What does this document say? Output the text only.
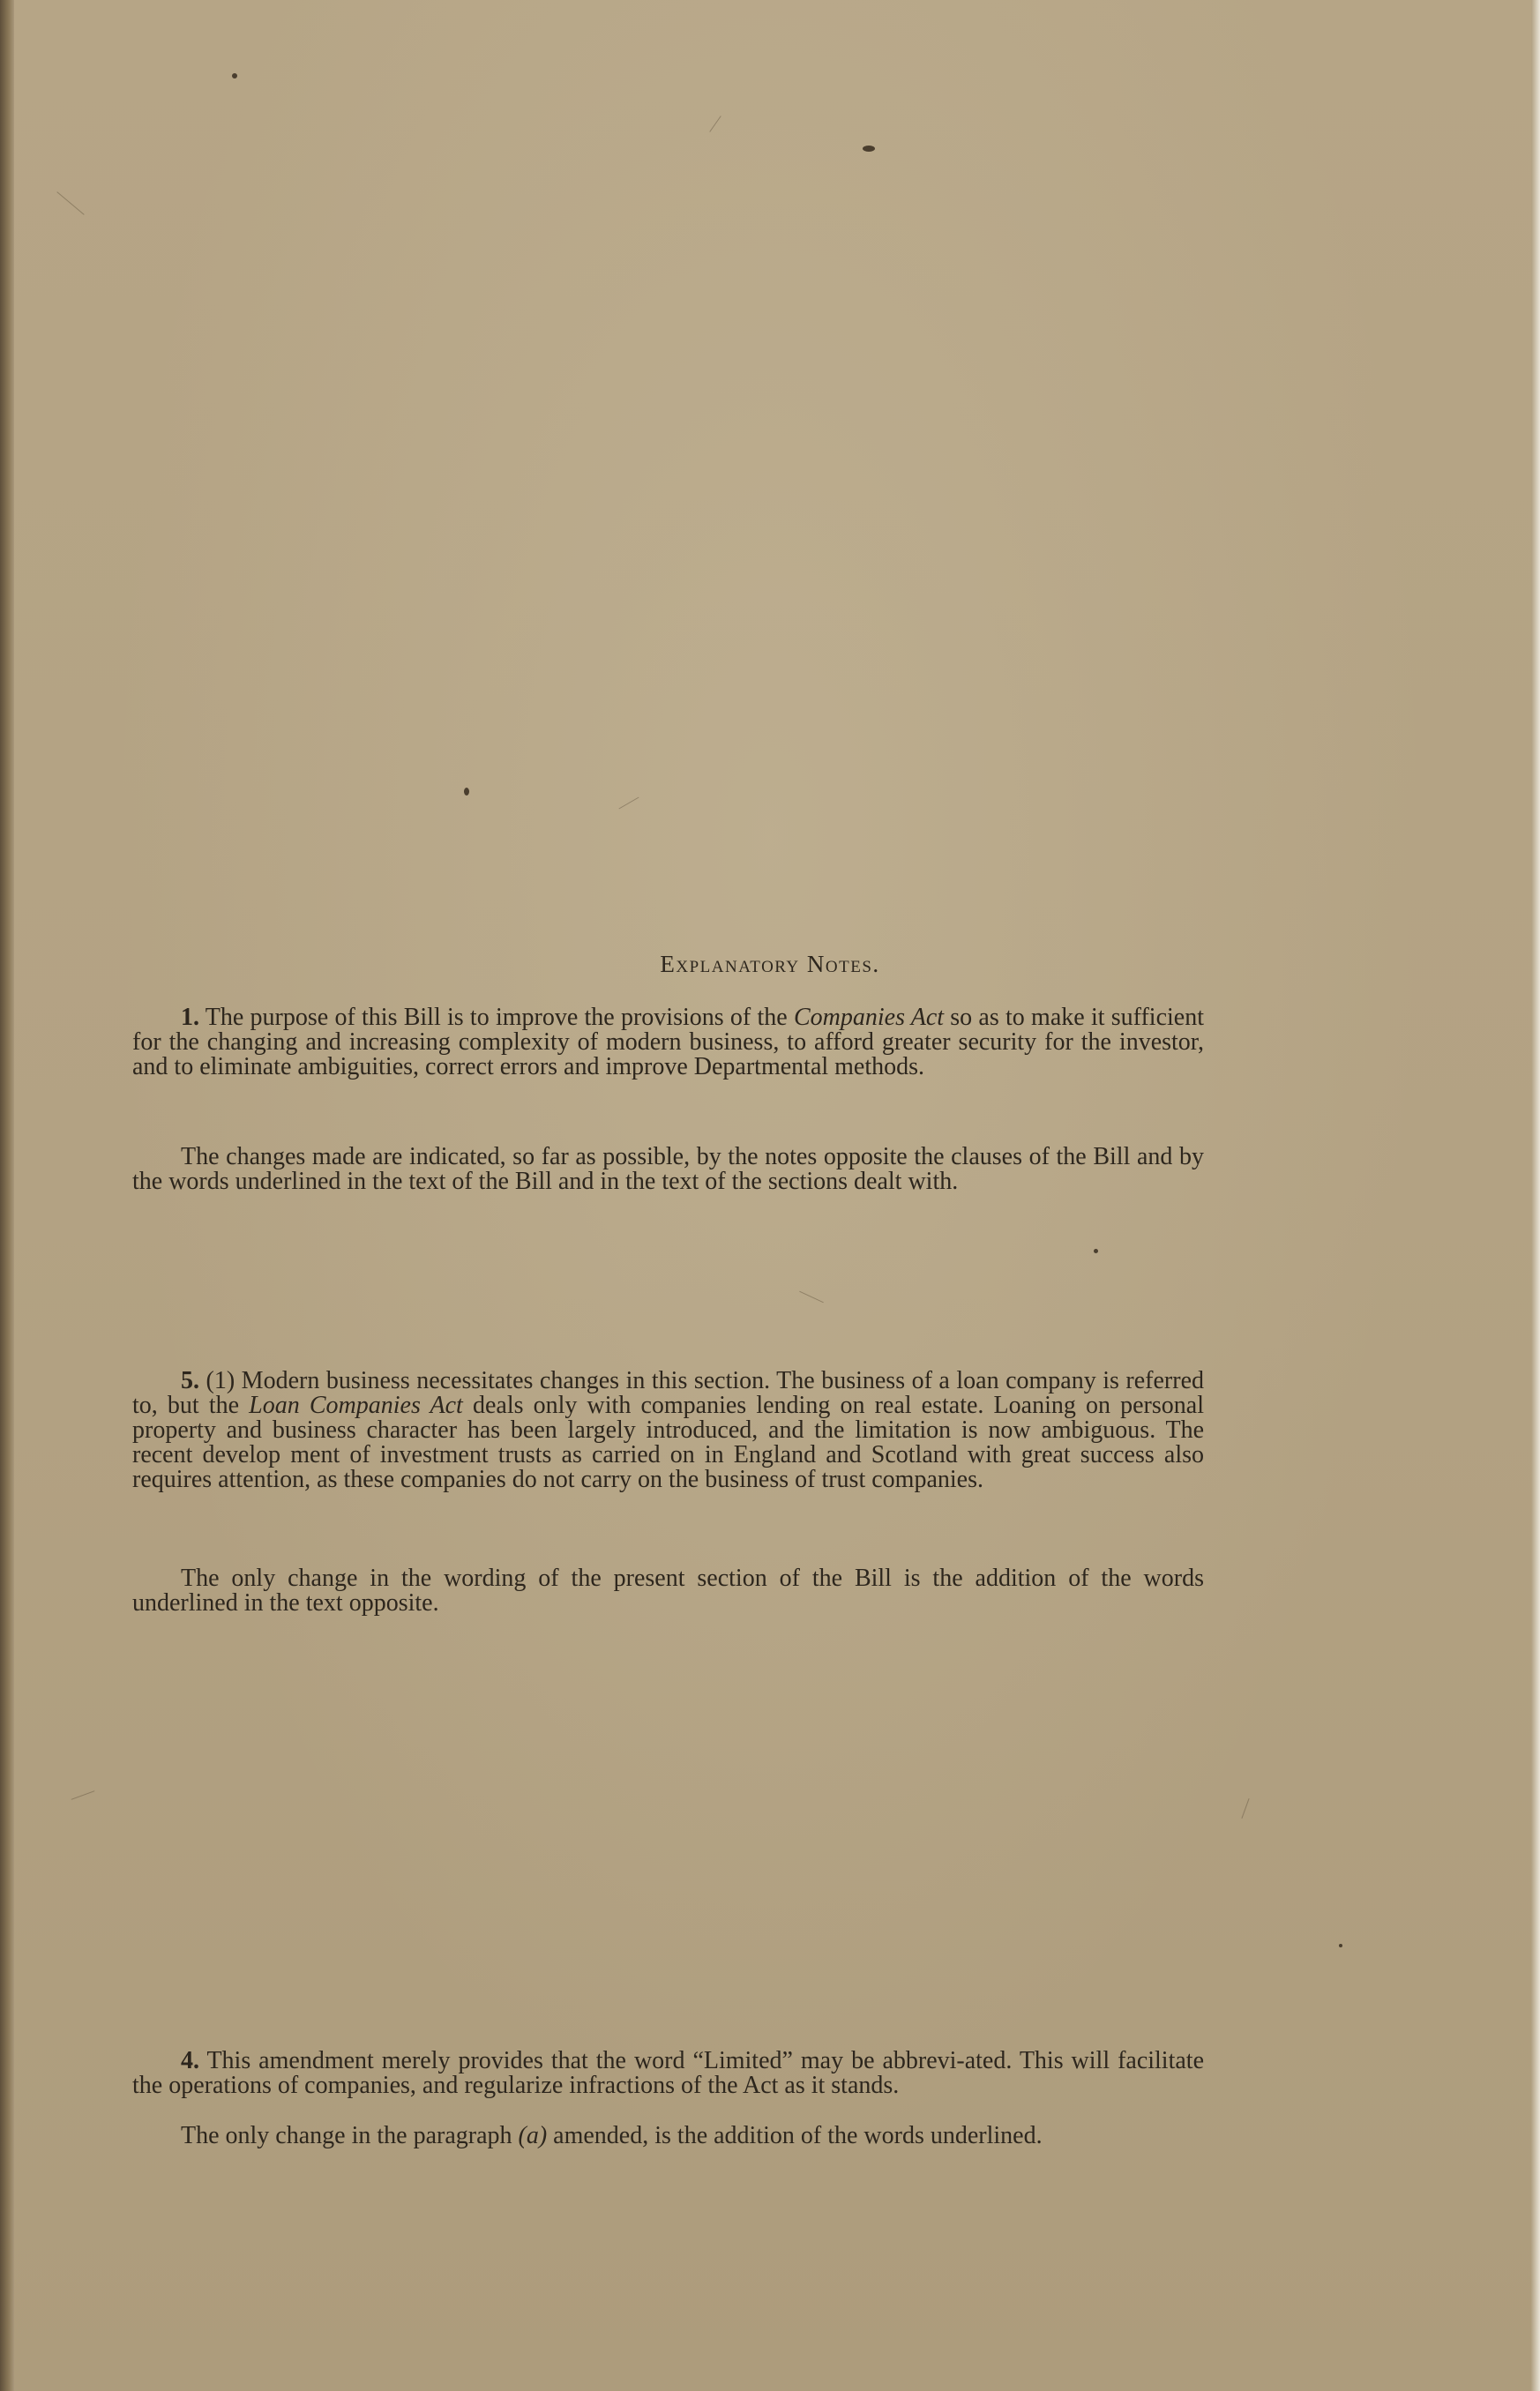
Explanatory Notes.

1. The purpose of this Bill is to improve the provisions of the Companies Act so as to make it sufficient for the changing and increasing complexity of modern business, to afford greater security for the investor, and to eliminate ambiguities, correct errors and improve Departmental methods.

The changes made are indicated, so far as possible, by the notes opposite the clauses of the Bill and by the words underlined in the text of the Bill and in the text of the sections dealt with.

5. (1) Modern business necessitates changes in this section. The business of a loan company is referred to, but the Loan Companies Act deals only with companies lending on real estate. Loaning on personal property and business character has been largely introduced, and the limitation is now ambiguous. The recent develop ment of investment trusts as carried on in England and Scotland with great success also requires attention, as these companies do not carry on the business of trust companies.

The only change in the wording of the present section of the Bill is the addition of the words underlined in the text opposite.

4. This amendment merely provides that the word “Limited” may be abbrevi-ated. This will facilitate the operations of companies, and regularize infractions of the Act as it stands.

The only change in the paragraph (a) amended, is the addition of the words underlined.
